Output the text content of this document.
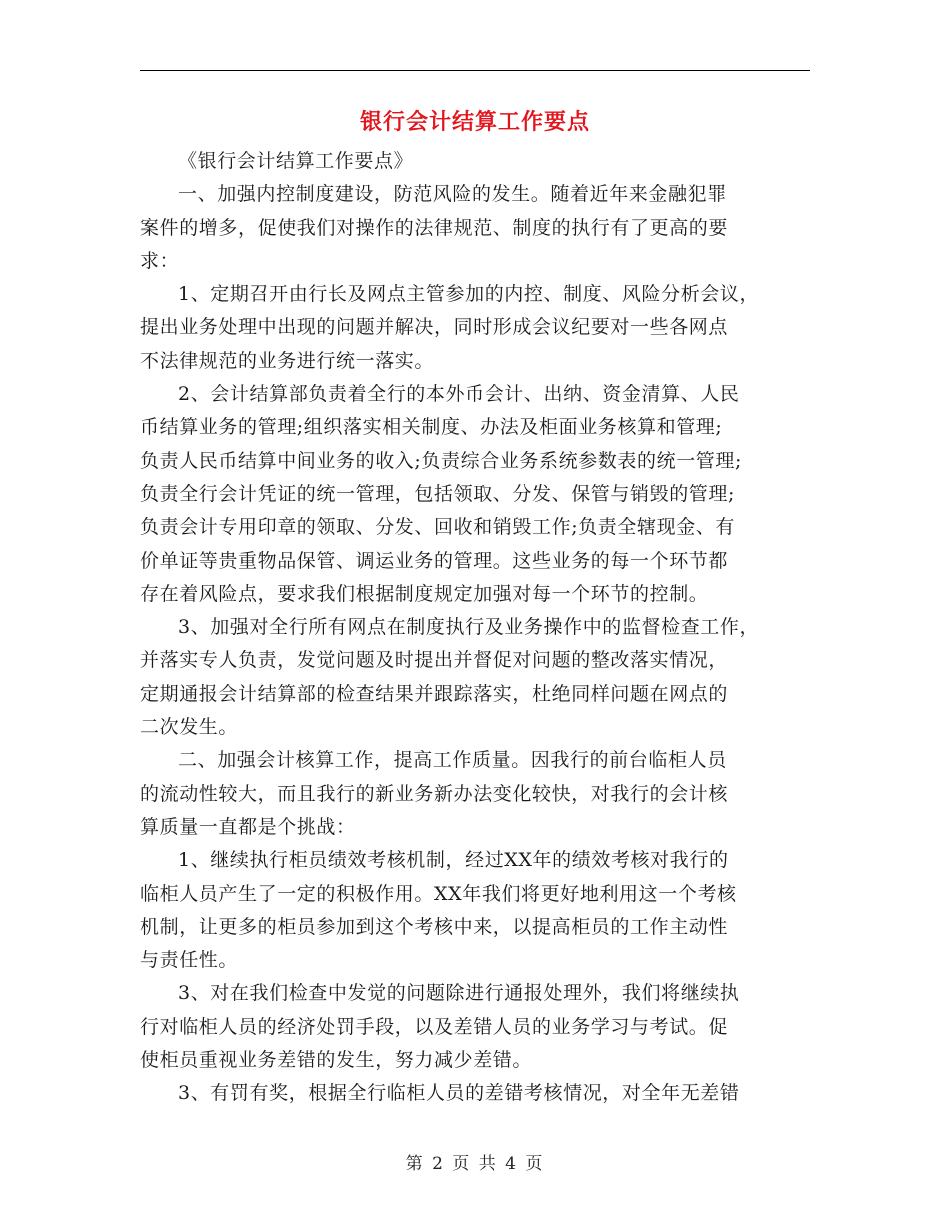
银行会计结算工作要点

《银行会计结算工作要点》

一、加强内控制度建设，防范风险的发生。随着近年来金融犯罪
案件的增多，促使我们对操作的法律规范、制度的执行有了更高的要
求：

1、定期召开由行长及网点主管参加的内控、制度、风险分析会议，
提出业务处理中出现的问题并解决，同时形成会议纪要对一些各网点
不法律规范的业务进行统一落实。

2、会计结算部负责着全行的本外币会计、出纳、资金清算、人民
币结算业务的管理;组织落实相关制度、办法及柜面业务核算和管理;
负责人民币结算中间业务的收入;负责综合业务系统参数表的统一管理;
负责全行会计凭证的统一管理，包括领取、分发、保管与销毁的管理;
负责会计专用印章的领取、分发、回收和销毁工作;负责全辖现金、有
价单证等贵重物品保管、调运业务的管理。这些业务的每一个环节都
存在着风险点，要求我们根据制度规定加强对每一个环节的控制。

3、加强对全行所有网点在制度执行及业务操作中的监督检查工作，
并落实专人负责，发觉问题及时提出并督促对问题的整改落实情况，
定期通报会计结算部的检查结果并跟踪落实，杜绝同样问题在网点的
二次发生。

二、加强会计核算工作，提高工作质量。因我行的前台临柜人员
的流动性较大，而且我行的新业务新办法变化较快，对我行的会计核
算质量一直都是个挑战：

1、继续执行柜员绩效考核机制，经过XX年的绩效考核对我行的
临柜人员产生了一定的积极作用。XX年我们将更好地利用这一个考核
机制，让更多的柜员参加到这个考核中来，以提高柜员的工作主动性
与责任性。

3、对在我们检查中发觉的问题除进行通报处理外，我们将继续执
行对临柜人员的经济处罚手段，以及差错人员的业务学习与考试。促
使柜员重视业务差错的发生，努力减少差错。

3、有罚有奖，根据全行临柜人员的差错考核情况，对全年无差错

第 2 页 共 4 页
